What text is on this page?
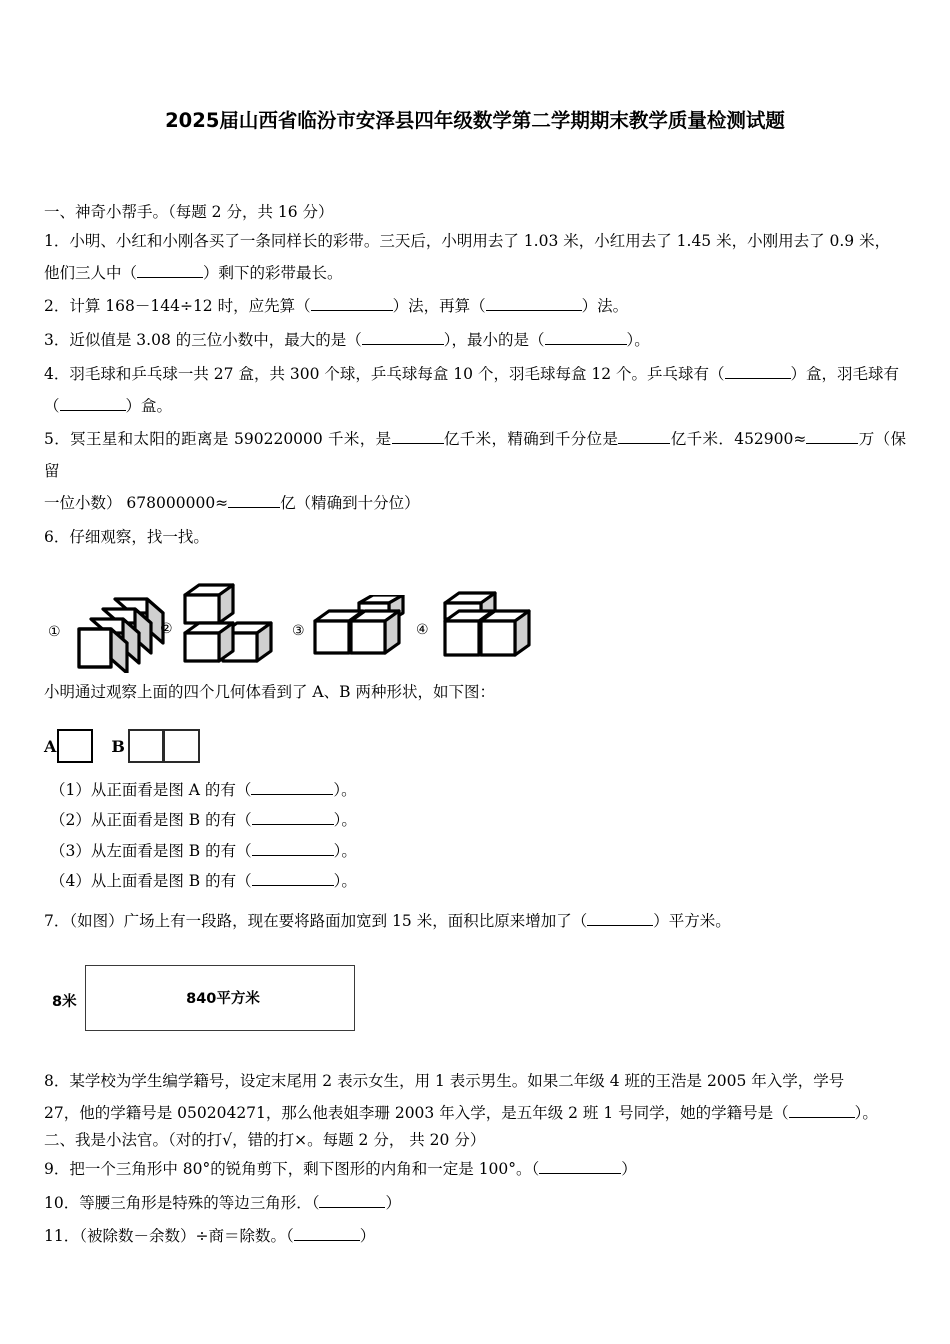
2025届山西省临汾市安泽县四年级数学第二学期期末教学质量检测试题
一、神奇小帮手。（每题 2 分，共 16 分）
1．小明、小红和小刚各买了一条同样长的彩带。三天后，小明用去了 1.03 米，小红用去了 1.45 米，小刚用去了 0.9 米，
他们三人中（	）剩下的彩带最长。
2．计算 168－144÷12 时，应先算（	）法，再算（	）法。
3．近似值是 3.08 的三位小数中，最大的是（	），最小的是（	）。
4．羽毛球和乒乓球一共 27 盒，共 300 个球，乒乓球每盒 10 个，羽毛球每盒 12 个。乒乓球有（	）盒，羽毛球有
（	）盒。
5．冥王星和太阳的距离是 590220000 千米，是	亿千米，精确到千分位是	亿千米．452900≈	万（保留
一位小数） 678000000≈	亿（精确到十分位）
6．仔细观察，找一找。
①	②	③	④
小明通过观察上面的四个几何体看到了 A、B 两种形状，如下图：
A	B
（1）从正面看是图 A 的有（	）。
（2）从正面看是图 B 的有（	）。
（3）从左面看是图 B 的有（	）。
（4）从上面看是图 B 的有（	）。
7．（如图）广场上有一段路，现在要将路面加宽到 15 米，面积比原来增加了（	）平方米。
8米	840平方米
8．某学校为学生编学籍号，设定末尾用 2 表示女生，用 1 表示男生。如果二年级 4 班的王浩是 2005 年入学，学号
27，他的学籍号是 050204271，那么他表姐李珊 2003 年入学，是五年级 2 班 1 号同学，她的学籍号是（	）。
二、我是小法官。（对的打√，错的打×。每题 2 分， 共 20 分）
9．把一个三角形中 80°的锐角剪下，剩下图形的内角和一定是 100°。（	）
10．等腰三角形是特殊的等边三角形．（	）
11．（被除数－余数）÷商＝除数。（	）
